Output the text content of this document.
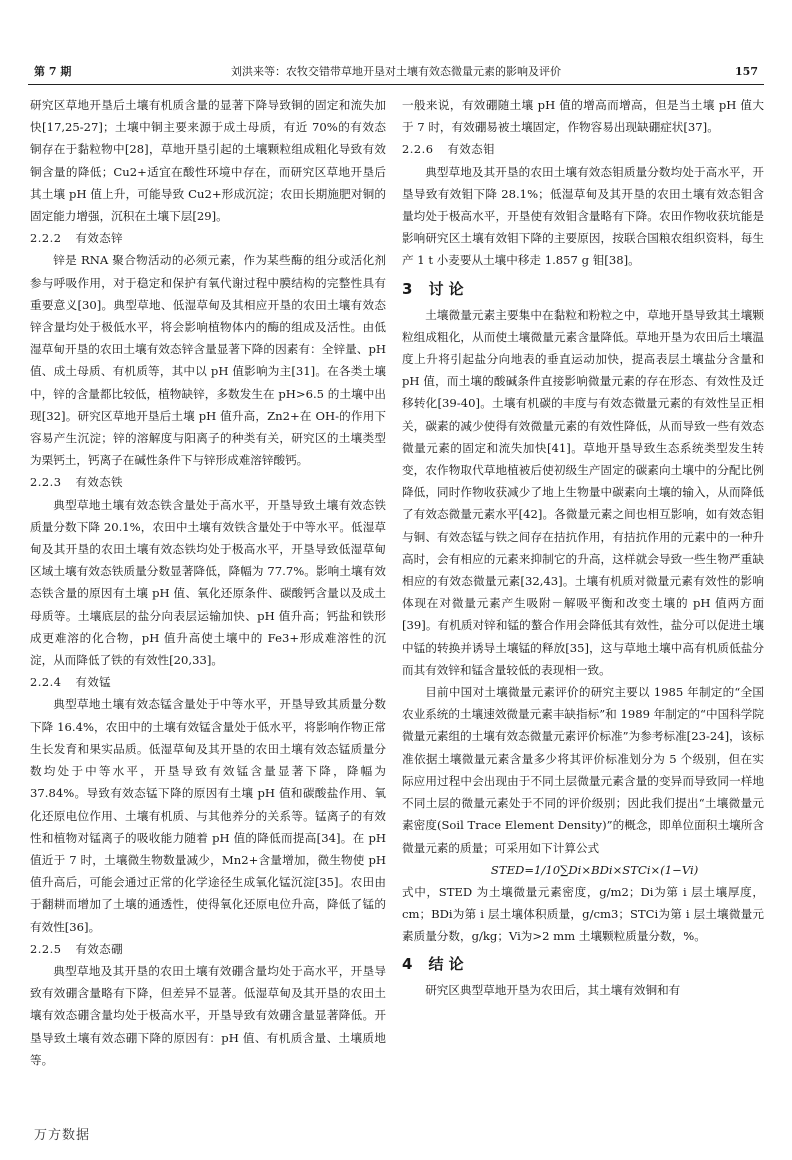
第 7 期	刘洪来等：农牧交错带草地开垦对土壤有效态微量元素的影响及评价	157

研究区草地开垦后土壤有机质含量的显著下降导致铜的固定和流失加快[17,25-27]；土壤中铜主要来源于成土母质，有近 70%的有效态铜存在于黏粒物中[28]，草地开垦引起的土壤颗粒组成粗化导致有效铜含量的降低；Cu2+适宜在酸性环境中存在，而研究区草地开垦后其土壤 pH 值上升，可能导致 Cu2+形成沉淀；农田长期施肥对铜的固定能力增强，沉积在土壤下层[29]。

2.2.2 有效态锌

锌是 RNA 聚合物活动的必须元素，作为某些酶的组分或活化剂参与呼吸作用，对于稳定和保护有氧代谢过程中膜结构的完整性具有重要意义[30]。典型草地、低湿草甸及其相应开垦的农田土壤有效态锌含量均处于极低水平，将会影响植物体内的酶的组成及活性。由低湿草甸开垦的农田土壤有效态锌含量显著下降的因素有：全锌量、pH 值、成土母质、有机质等，其中以 pH 值影响为主[31]。在各类土壤中，锌的含量都比较低，植物缺锌，多数发生在 pH>6.5 的土壤中出现[32]。研究区草地开垦后土壤 pH 值升高，Zn2+在 OH-的作用下容易产生沉淀；锌的溶解度与阳离子的种类有关，研究区的土壤类型为栗钙土，钙离子在碱性条件下与锌形成难溶锌酸钙。

2.2.3 有效态铁

典型草地土壤有效态铁含量处于高水平，开垦导致土壤有效态铁质量分数下降 20.1%，农田中土壤有效铁含量处于中等水平。低湿草甸及其开垦的农田土壤有效态铁均处于极高水平，开垦导致低湿草甸区域土壤有效态铁质量分数显著降低，降幅为 77.7%。影响土壤有效态铁含量的原因有土壤 pH 值、氧化还原条件、碳酸钙含量以及成土母质等。土壤底层的盐分向表层运输加快、pH 值升高；钙盐和铁形成更难溶的化合物，pH 值升高使土壤中的 Fe3+形成难溶性的沉淀，从而降低了铁的有效性[20,33]。

2.2.4 有效锰

典型草地土壤有效态锰含量处于中等水平，开垦导致其质量分数下降 16.4%，农田中的土壤有效锰含量处于低水平，将影响作物正常生长发育和果实品质。低湿草甸及其开垦的农田土壤有效态锰质量分数均处于中等水平，开垦导致有效锰含量显著下降，降幅为 37.84%。导致有效态锰下降的原因有土壤 pH 值和碳酸盐作用、氧化还原电位作用、土壤有机质、与其他养分的关系等。锰离子的有效性和植物对锰离子的吸收能力随着 pH 值的降低而提高[34]。在 pH 值近于 7 时，土壤微生物数量减少，Mn2+含量增加，微生物使 pH 值升高后，可能会通过正常的化学途径生成氧化锰沉淀[35]。农田由于翻耕而增加了土壤的通透性，使得氧化还原电位升高，降低了锰的有效性[36]。

2.2.5 有效态硼

典型草地及其开垦的农田土壤有效硼含量均处于高水平，开垦导致有效硼含量略有下降，但差异不显著。低湿草甸及其开垦的农田土壤有效态硼含量均处于极高水平，开垦导致有效硼含量显著降低。开垦导致土壤有效态硼下降的原因有：pH 值、有机质含量、土壤质地等。

一般来说，有效硼随土壤 pH 值的增高而增高，但是当土壤 pH 值大于 7 时，有效硼易被土壤固定，作物容易出现缺硼症状[37]。

2.2.6 有效态钼

典型草地及其开垦的农田土壤有效态钼质量分数均处于高水平，开垦导致有效钼下降 28.1%；低湿草甸及其开垦的农田土壤有效态钼含量均处于极高水平，开垦使有效钼含量略有下降。农田作物收获坑能是影响研究区土壤有效钼下降的主要原因，按联合国粮农组织资料，每生产 1 t 小麦要从土壤中移走 1.857 g 钼[38]。

3 讨 论

土壤微量元素主要集中在黏粒和粉粒之中，草地开垦导致其土壤颗粒组成粗化，从而使土壤微量元素含量降低。草地开垦为农田后土壤温度上升将引起盐分向地表的垂直运动加快，提高表层土壤盐分含量和 pH 值，而土壤的酸碱条件直接影响微量元素的存在形态、有效性及迁移转化[39-40]。土壤有机碳的丰度与有效态微量元素的有效性呈正相关，碳素的减少使得有效微量元素的有效性降低，从而导致一些有效态微量元素的固定和流失加快[41]。草地开垦导致生态系统类型发生转变，农作物取代草地植被后使初级生产固定的碳素向土壤中的分配比例降低，同时作物收获减少了地上生物量中碳素向土壤的输入，从而降低了有效态微量元素水平[42]。各微量元素之间也相互影响，如有效态钼与铜、有效态锰与铁之间存在拮抗作用，有拮抗作用的元素中的一种升高时，会有相应的元素来抑制它的升高，这样就会导致一些生物严重缺相应的有效态微量元素[32,43]。土壤有机质对微量元素有效性的影响体现在对微量元素产生吸附－解吸平衡和改变土壤的 pH 值两方面[39]。有机质对锌和锰的螯合作用会降低其有效性，盐分可以促进土壤中锰的转换并诱导土壤锰的释放[35]，这与草地土壤中高有机质低盐分而其有效锌和锰含量较低的表现相一致。

目前中国对土壤微量元素评价的研究主要以 1985 年制定的“全国农业系统的土壤速效微量元素丰缺指标”和 1989 年制定的“中国科学院微量元素组的土壤有效态微量元素评价标准”为参考标准[23-24]，该标准依据土壤微量元素含量多少将其评价标准划分为 5 个级别，但在实际应用过程中会出现由于不同土层微量元素含量的变异而导致同一样地不同土层的微量元素处于不同的评价级别；因此我们提出“土壤微量元素密度(Soil Trace Element Density)”的概念，即单位面积土壤所含微量元素的质量；可采用如下计算公式

STED=1/10∑Di×BDi×STCi×(1−Vi)

式中，STED 为土壤微量元素密度，g/m2；Di为第 i 层土壤厚度，cm；BDi为第 i 层土壤体积质量，g/cm3；STCi为第 i 层土壤微量元素质量分数，g/kg；Vi为>2 mm 土壤颗粒质量分数，%。

4 结 论

研究区典型草地开垦为农田后，其土壤有效铜和有

万方数据
